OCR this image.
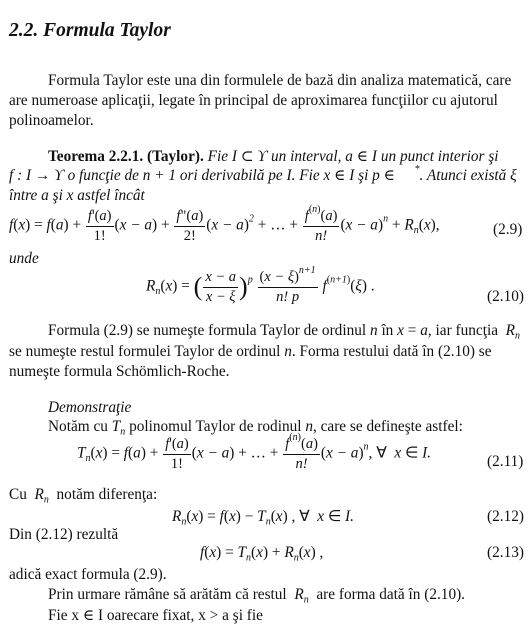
2.2. Formula Taylor
Formula Taylor este una din formulele de bază din analiza matematică, care
are numeroase aplicaţii, legate în principal de aproximarea funcţiilor cu ajutorul
polinoamelor.
Teorema 2.2.1. (Taylor). Fie I ⊂ ϒ un interval, a ∈ I un punct interior şi
f : I → ϒ o funcţie de n + 1 ori derivabilă pe I. Fie x ∈ I şi p ∈ ⃞ *. Atunci există ξ
între a şi x astfel încât
$f(x) = f(a) + \frac{f'(a)}{1!} (x - a) + \frac{f"(a)}{2!} (x - a)^2$ + … + $\frac{f^{(n)}(a)}{n!} (x - a)^n + R_n(x)$,	(2.9)
unde
$R_n(x)$ = ( $\frac{x - a}{x - \xi} )^p \frac{(x - \xi)^{n+1}}{n! p} f^{(n+1)}(\xi)$ .
(2.10)
Formula (2.9) se numeşte formula Taylor de ordinul n în x = a, iar funcţia $R_n$
se numeşte restul formulei Taylor de ordinul n. Forma restului dată în (2.10) se
numeşte formula Schömlich-Roche.
Demonstraţie
Notăm cu $T_n$ polinomul Taylor de rodinul n, care se defineşte astfel:
$T_n(x) = f(a) + \frac{f'(a)}{1!} (x - a)$ + … + $\frac{f^{(n)}(a)}{n!} (x - a)^n$, ∀  x ∈ I.	(2.11)
Cu $R_n$ notăm diferenţa:
$R_n(x) = f(x) - T_n(x)$ , ∀  x ∈ I.	(2.12)
Din (2.12) rezultă
$f(x) = T_n(x) + R_n(x)$ ,	(2.13)
adică exact formula (2.9).
Prin urmare rămâne să arătăm că restul $R_n$ are forma dată în (2.10).
Fie x ∈ I oarecare fixat, x > a şi fie
